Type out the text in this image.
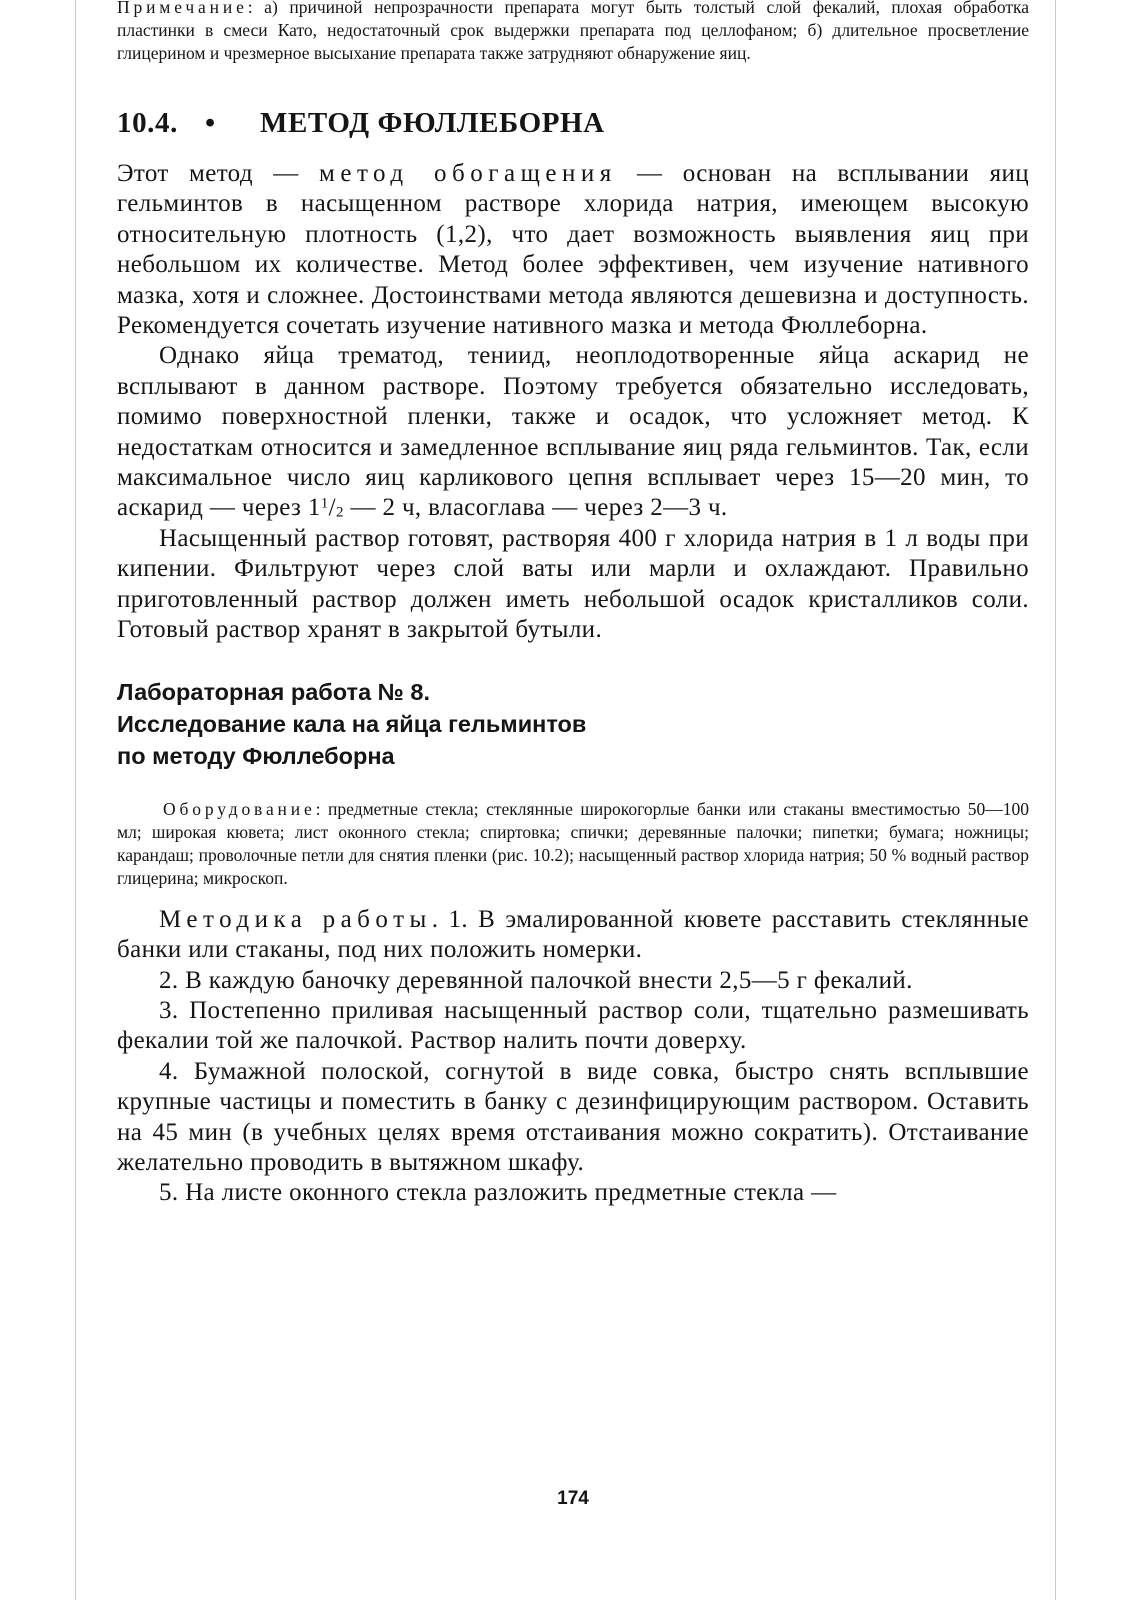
Примечание: а) причиной непрозрачности препарата могут быть толстый слой фекалий, плохая обработка пластинки в смеси Като, недостаточный срок выдержки препарата под целлофаном; б) длительное просветление глицерином и чрезмерное высыхание препарата также затрудняют обнаружение яиц.

10.4. • МЕТОД ФЮЛЛЕБОРНА

Этот метод — метод обогащения — основан на всплывании яиц гельминтов в насыщенном растворе хлорида натрия, имеющем высокую относительную плотность (1,2), что дает возможность выявления яиц при небольшом их количестве. Метод более эффективен, чем изучение нативного мазка, хотя и сложнее. Достоинствами метода являются дешевизна и доступность. Рекомендуется сочетать изучение нативного мазка и метода Фюллеборна.

Однако яйца трематод, тениид, неоплодотворенные яйца аскарид не всплывают в данном растворе. Поэтому требуется обязательно исследовать, помимо поверхностной пленки, также и осадок, что усложняет метод. К недостаткам относится и замедленное всплывание яиц ряда гельминтов. Так, если максимальное число яиц карликового цепня всплывает через 15—20 мин, то аскарид — через $1^1/_2$ — 2 ч, власоглава — через 2—3 ч.

Насыщенный раствор готовят, растворяя 400 г хлорида натрия в 1 л воды при кипении. Фильтруют через слой ваты или марли и охлаждают. Правильно приготовленный раствор должен иметь небольшой осадок кристалликов соли. Готовый раствор хранят в закрытой бутыли.

Лабораторная работа № 8.

Исследование кала на яйца гельминтов

по методу Фюллеборна

Оборудование: предметные стекла; стеклянные широкогорлые банки или стаканы вместимостью 50—100 мл; широкая кювета; лист оконного стекла; спиртовка; спички; деревянные палочки; пипетки; бумага; ножницы; карандаш; проволочные петли для снятия пленки (рис. 10.2); насыщенный раствор хлорида натрия; 50 % водный раствор глицерина; микроскоп.

Методика работы. 1. В эмалированной кювете расставить стеклянные банки или стаканы, под них положить номерки.

2. В каждую баночку деревянной палочкой внести 2,5—5 г фекалий.

3. Постепенно приливая насыщенный раствор соли, тщательно размешивать фекалии той же палочкой. Раствор налить почти доверху.

4. Бумажной полоской, согнутой в виде совка, быстро снять всплывшие крупные частицы и поместить в банку с дезинфицирующим раствором. Оставить на 45 мин (в учебных целях время отстаивания можно сократить). Отстаивание желательно проводить в вытяжном шкафу.

5. На листе оконного стекла разложить предметные стекла —

174
